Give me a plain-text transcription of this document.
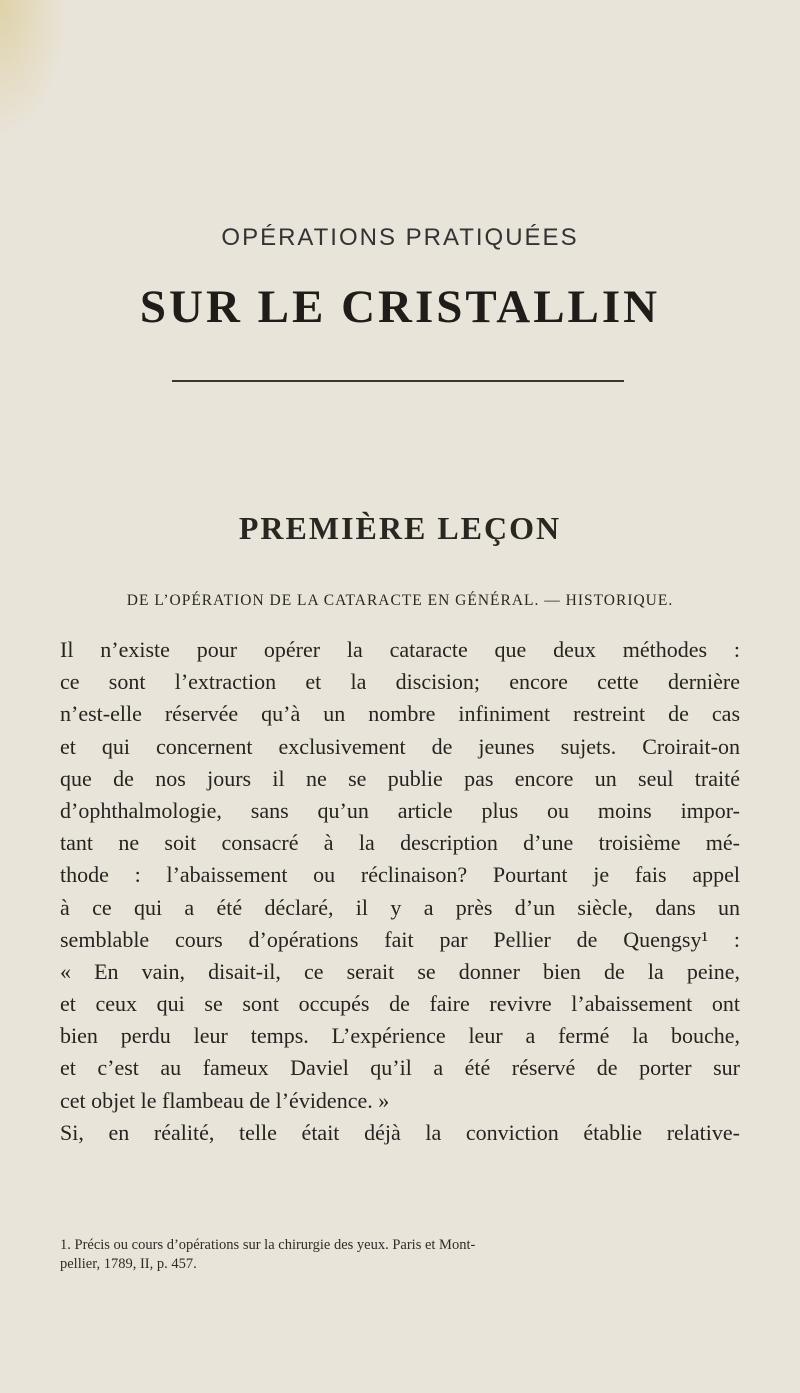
OPÉRATIONS PRATIQUÉES
SUR LE CRISTALLIN
PREMIÈRE LEÇON
DE L’OPÉRATION DE LA CATARACTE EN GÉNÉRAL. — HISTORIQUE.
Il n’existe pour opérer la cataracte que deux méthodes :
ce sont l’extraction et la discision; encore cette dernière
n’est-elle réservée qu’à un nombre infiniment restreint de cas
et qui concernent exclusivement de jeunes sujets. Croirait-on
que de nos jours il ne se publie pas encore un seul traité
d’ophthalmologie, sans qu’un article plus ou moins impor-
tant ne soit consacré à la description d’une troisième mé-
thode : l’abaissement ou réclinaison? Pourtant je fais appel
à ce qui a été déclaré, il y a près d’un siècle, dans un
semblable cours d’opérations fait par Pellier de Quengsy¹ :
« En vain, disait-il, ce serait se donner bien de la peine,
et ceux qui se sont occupés de faire revivre l’abaissement ont
bien perdu leur temps. L’expérience leur a fermé la bouche,
et c’est au fameux Daviel qu’il a été réservé de porter sur
cet objet le flambeau de l’évidence. »
Si, en réalité, telle était déjà la conviction établie relative-
1. Précis ou cours d’opérations sur la chirurgie des yeux. Paris et Mont-
pellier, 1789, II, p. 457.
